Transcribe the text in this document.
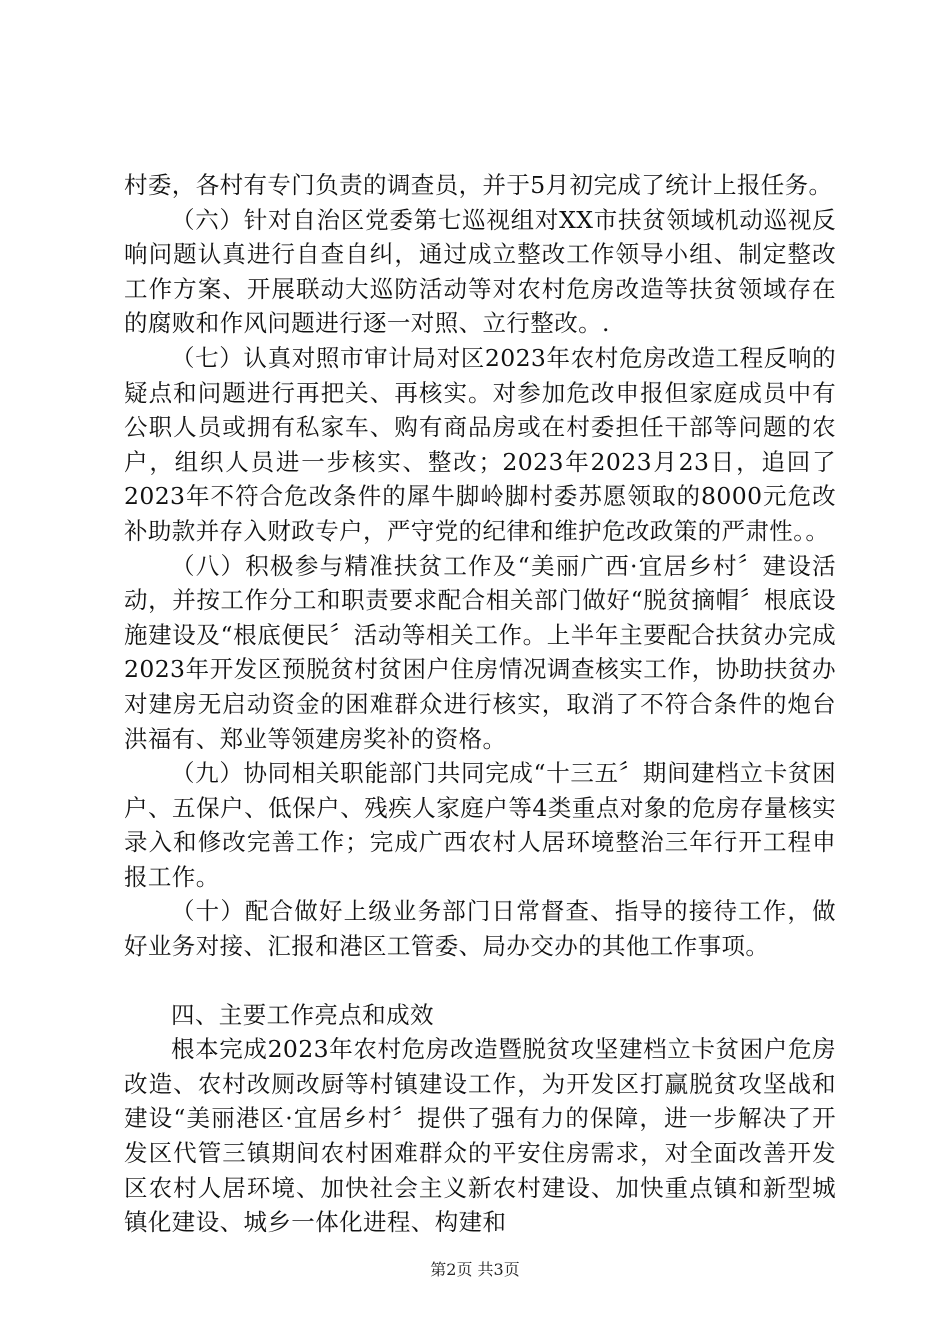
村委，各村有专门负责的调查员，并于5月初完成了统计上报任务。

（六）针对自治区党委第七巡视组对XX市扶贫领域机动巡视反响问题认真进行自查自纠，通过成立整改工作领导小组、制定整改工作方案、开展联动大巡防活动等对农村危房改造等扶贫领域存在的腐败和作风问题进行逐一对照、立行整改。.

（七）认真对照市审计局对区2023年农村危房改造工程反响的疑点和问题进行再把关、再核实。对参加危改申报但家庭成员中有公职人员或拥有私家车、购有商品房或在村委担任干部等问题的农户，组织人员进一步核实、整改；2023年2023月23日，追回了2023年不符合危改条件的犀牛脚岭脚村委苏愿领取的8000元危改补助款并存入财政专户，严守党的纪律和维护危改政策的严肃性。。

（八）积极参与精准扶贫工作及“美丽广西·宜居乡村〞建设活动，并按工作分工和职责要求配合相关部门做好“脱贫摘帽〞根底设施建设及“根底便民〞活动等相关工作。上半年主要配合扶贫办完成2023年开发区预脱贫村贫困户住房情况调查核实工作，协助扶贫办对建房无启动资金的困难群众进行核实，取消了不符合条件的炮台洪福有、郑业等领建房奖补的资格。

（九）协同相关职能部门共同完成“十三五〞期间建档立卡贫困户、五保户、低保户、残疾人家庭户等4类重点对象的危房存量核实录入和修改完善工作；完成广西农村人居环境整治三年行开工程申报工作。

（十）配合做好上级业务部门日常督查、指导的接待工作，做好业务对接、汇报和港区工管委、局办交办的其他工作事项。

四、主要工作亮点和成效

根本完成2023年农村危房改造暨脱贫攻坚建档立卡贫困户危房改造、农村改厕改厨等村镇建设工作，为开发区打赢脱贫攻坚战和建设“美丽港区·宜居乡村〞提供了强有力的保障，进一步解决了开发区代管三镇期间农村困难群众的平安住房需求，对全面改善开发区农村人居环境、加快社会主义新农村建设、加快重点镇和新型城镇化建设、城乡一体化进程、构建和

第2页 共3页
